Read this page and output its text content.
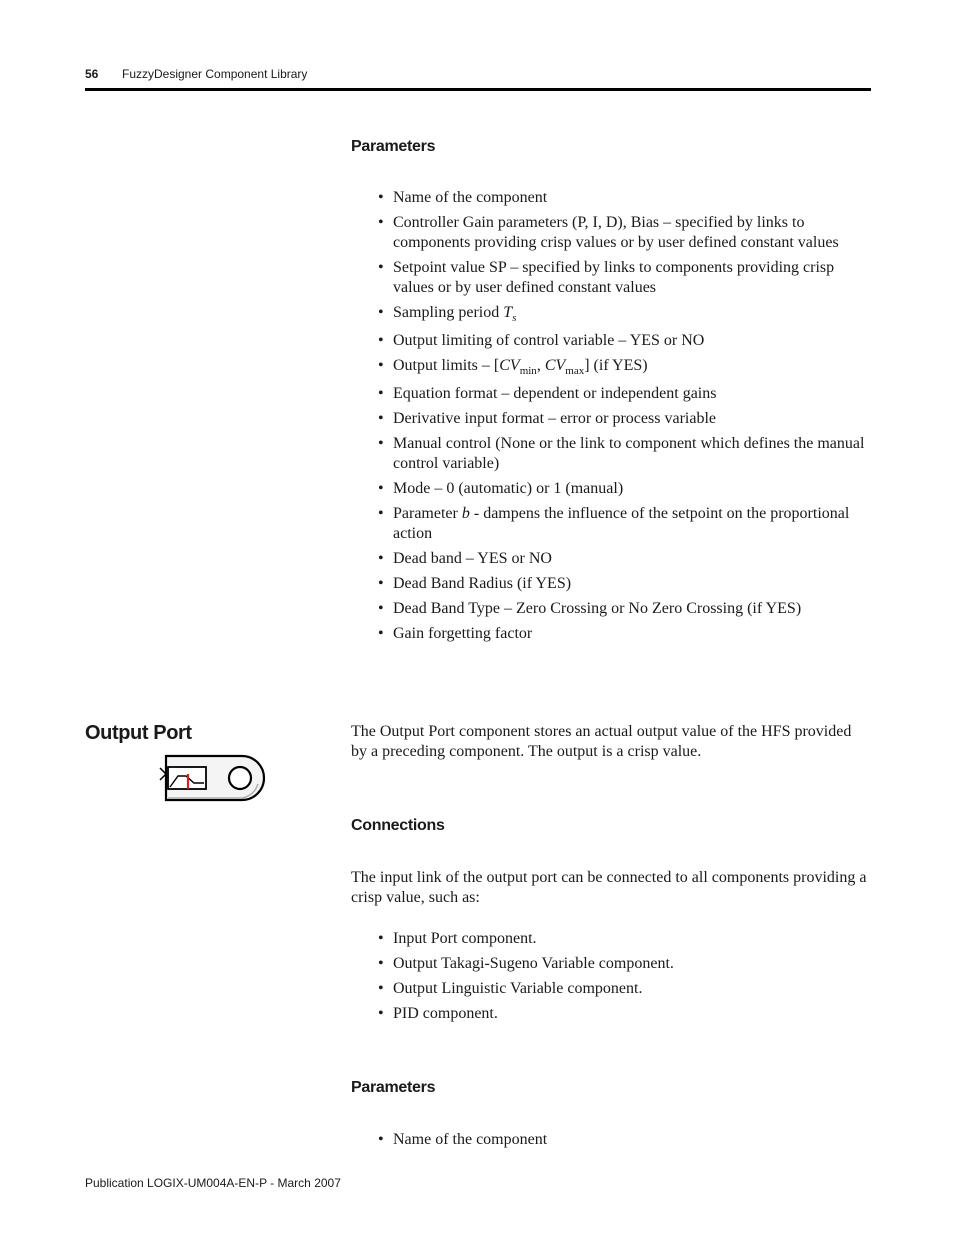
56 FuzzyDesigner Component Library
Parameters
• Name of the component
• Controller Gain parameters (P, I, D), Bias – specified by links to components providing crisp values or by user defined constant values
• Setpoint value SP – specified by links to components providing crisp values or by user defined constant values
• Sampling period $T_s$
• Output limiting of control variable – YES or NO
• Output limits – [$CV_{min}$, $CV_{max}$] (if YES)
• Equation format – dependent or independent gains
• Derivative input format – error or process variable
• Manual control (None or the link to component which defines the manual control variable)
• Mode – 0 (automatic) or 1 (manual)
• Parameter b - dampens the influence of the setpoint on the proportional action
• Dead band – YES or NO
• Dead Band Radius (if YES)
• Dead Band Type – Zero Crossing or No Zero Crossing (if YES)
• Gain forgetting factor
Output Port	The Output Port component stores an actual output value of the HFS provided by a preceding component. The output is a crisp value.
Connections
The input link of the output port can be connected to all components providing a crisp value, such as:
• Input Port component.
• Output Takagi-Sugeno Variable component.
• Output Linguistic Variable component.
• PID component.
Parameters
• Name of the component
Publication LOGIX-UM004A-EN-P - March 2007
